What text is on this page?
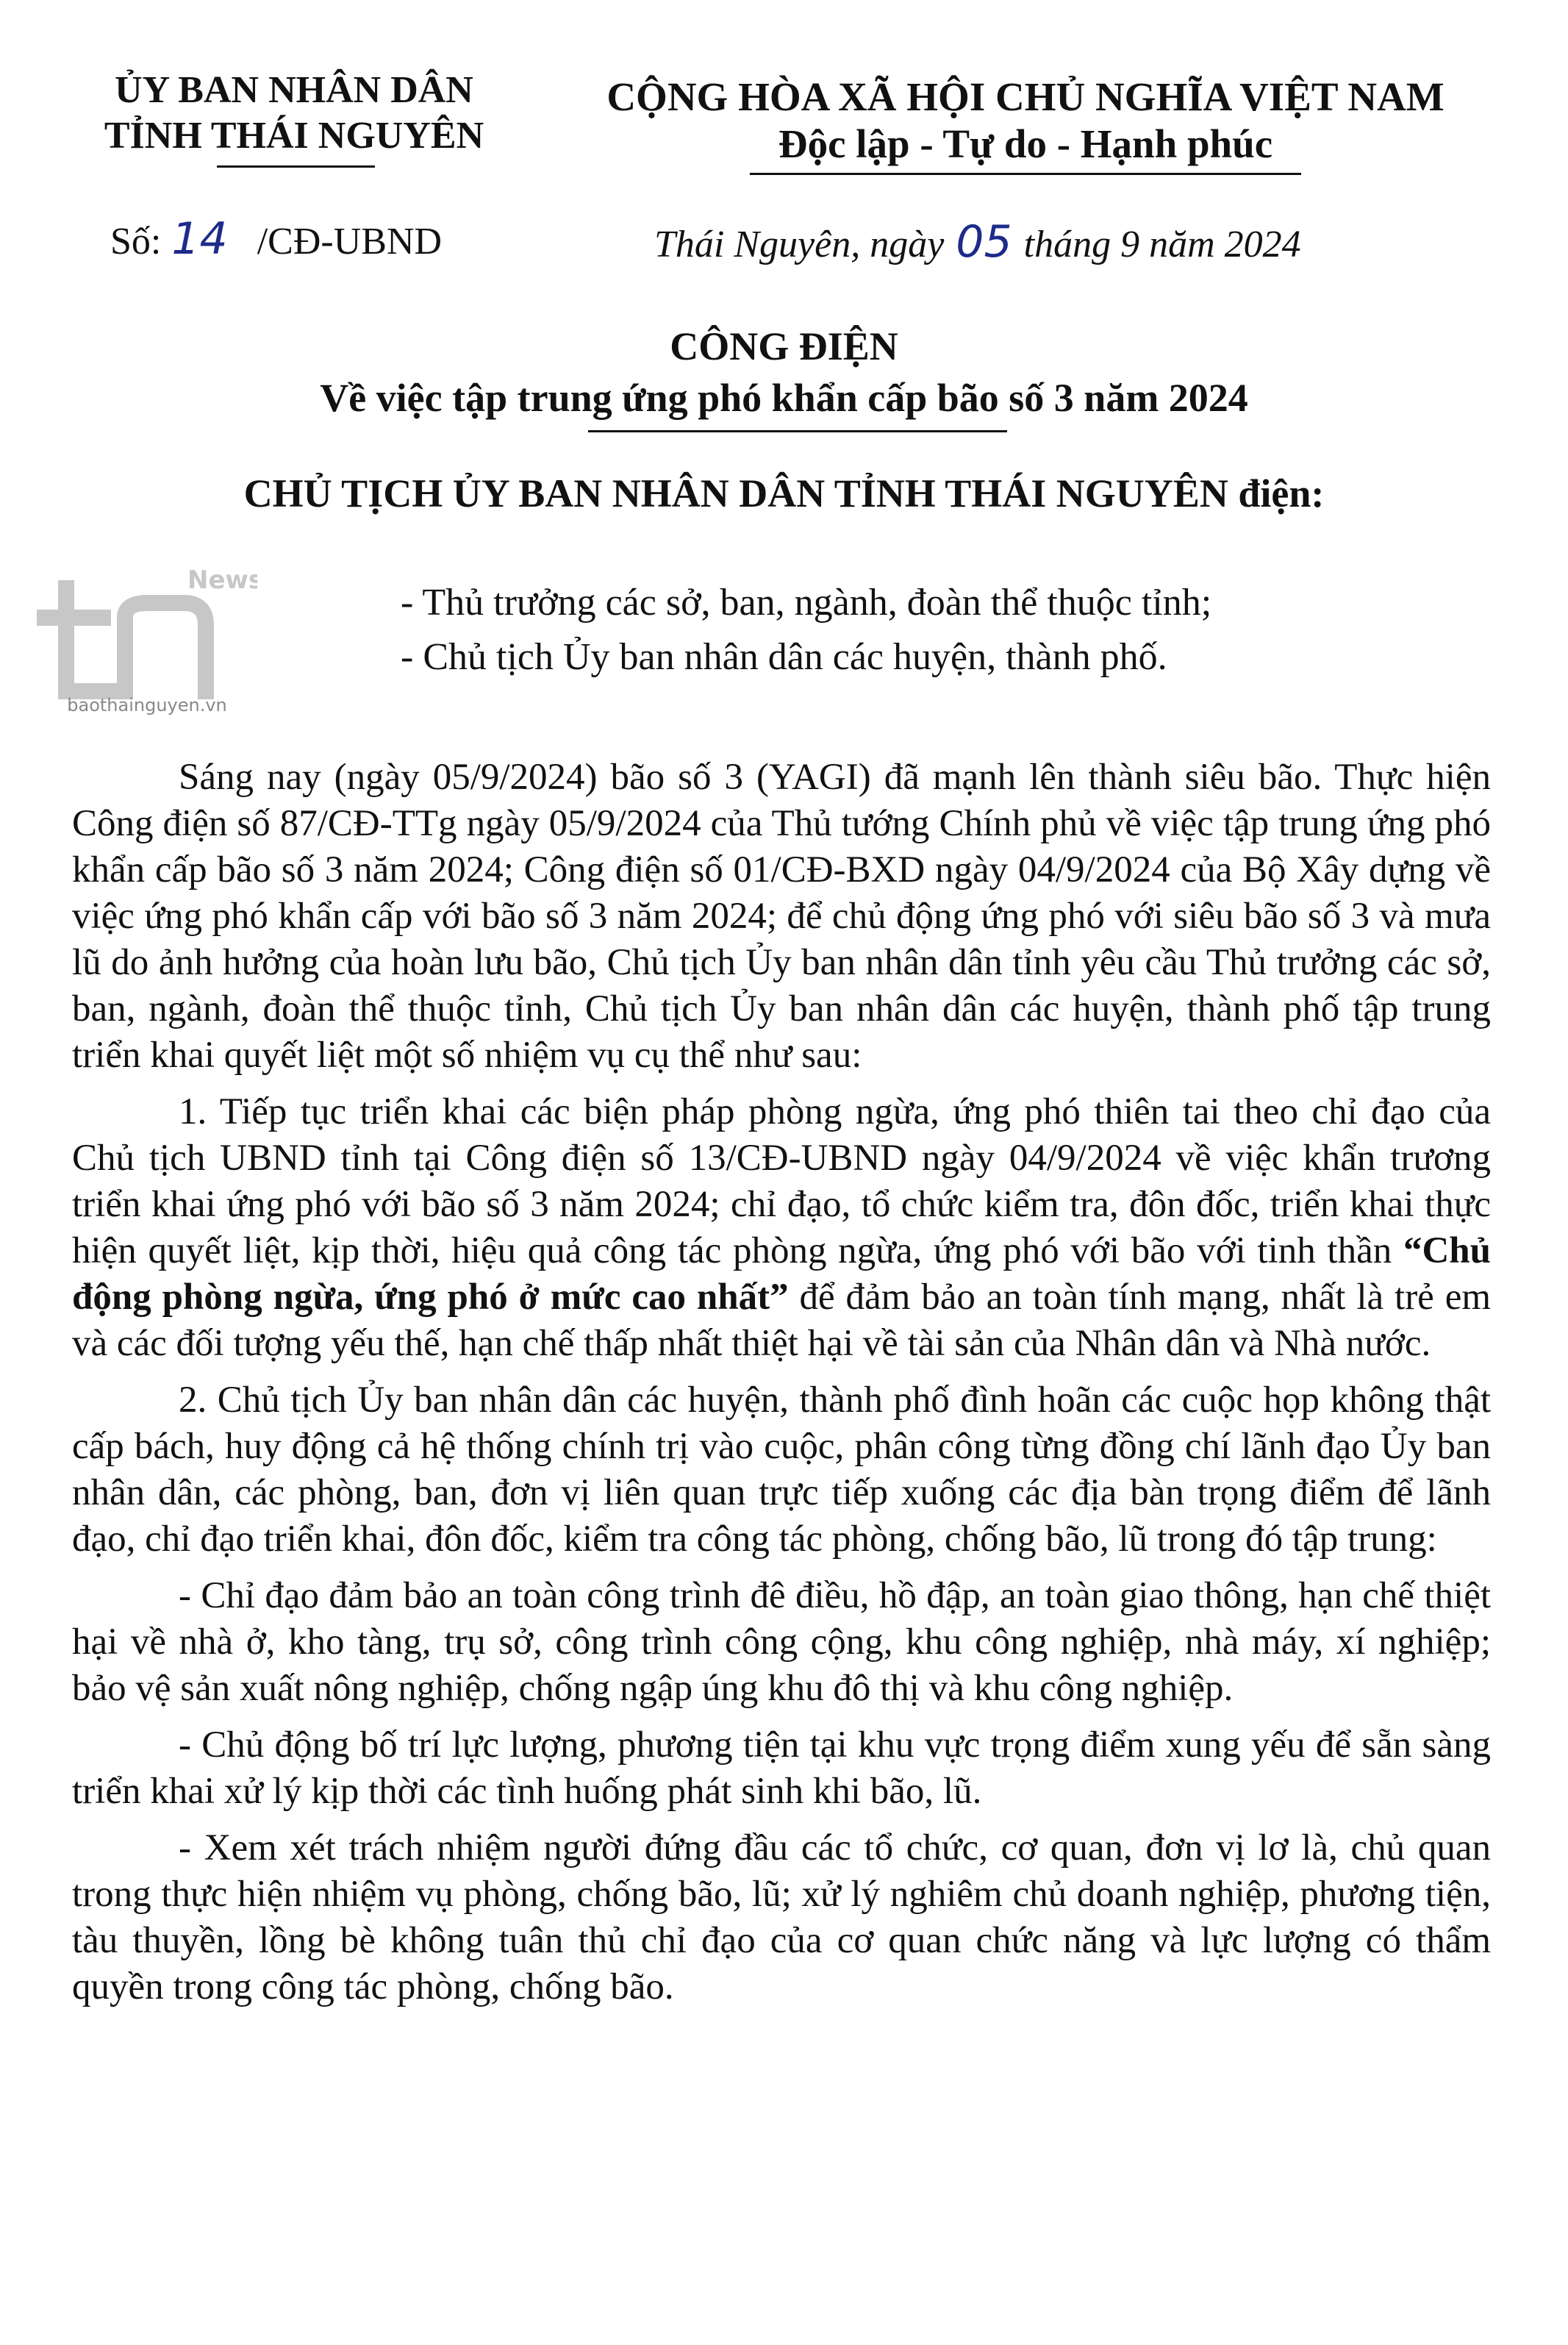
ỦY BAN NHÂN DÂN
TỈNH THÁI NGUYÊN
CỘNG HÒA XÃ HỘI CHỦ NGHĨA VIỆT NAM
Độc lập - Tự do - Hạnh phúc
Số: 14 /CĐ-UBND	Thái Nguyên, ngày 05 tháng 9 năm 2024
CÔNG ĐIỆN
Về việc tập trung ứng phó khẩn cấp bão số 3 năm 2024
CHỦ TỊCH ỦY BAN NHÂN DÂN TỈNH THÁI NGUYÊN điện:
News
baothainguyen.vn
- Thủ trưởng các sở, ban, ngành, đoàn thể thuộc tỉnh;
- Chủ tịch Ủy ban nhân dân các huyện, thành phố.

Sáng nay (ngày 05/9/2024) bão số 3 (YAGI) đã mạnh lên thành siêu bão. Thực hiện Công điện số 87/CĐ-TTg ngày 05/9/2024 của Thủ tướng Chính phủ về việc tập trung ứng phó khẩn cấp bão số 3 năm 2024; Công điện số 01/CĐ-BXD ngày 04/9/2024 của Bộ Xây dựng về việc ứng phó khẩn cấp với bão số 3 năm 2024; để chủ động ứng phó với siêu bão số 3 và mưa lũ do ảnh hưởng của hoàn lưu bão, Chủ tịch Ủy ban nhân dân tỉnh yêu cầu Thủ trưởng các sở, ban, ngành, đoàn thể thuộc tỉnh, Chủ tịch Ủy ban nhân dân các huyện, thành phố tập trung triển khai quyết liệt một số nhiệm vụ cụ thể như sau:

1. Tiếp tục triển khai các biện pháp phòng ngừa, ứng phó thiên tai theo chỉ đạo của Chủ tịch UBND tỉnh tại Công điện số 13/CĐ-UBND ngày 04/9/2024 về việc khẩn trương triển khai ứng phó với bão số 3 năm 2024; chỉ đạo, tổ chức kiểm tra, đôn đốc, triển khai thực hiện quyết liệt, kịp thời, hiệu quả công tác phòng ngừa, ứng phó với bão với tinh thần “Chủ động phòng ngừa, ứng phó ở mức cao nhất” để đảm bảo an toàn tính mạng, nhất là trẻ em và các đối tượng yếu thế, hạn chế thấp nhất thiệt hại về tài sản của Nhân dân và Nhà nước.

2. Chủ tịch Ủy ban nhân dân các huyện, thành phố đình hoãn các cuộc họp không thật cấp bách, huy động cả hệ thống chính trị vào cuộc, phân công từng đồng chí lãnh đạo Ủy ban nhân dân, các phòng, ban, đơn vị liên quan trực tiếp xuống các địa bàn trọng điểm để lãnh đạo, chỉ đạo triển khai, đôn đốc, kiểm tra công tác phòng, chống bão, lũ trong đó tập trung:

- Chỉ đạo đảm bảo an toàn công trình đê điều, hồ đập, an toàn giao thông, hạn chế thiệt hại về nhà ở, kho tàng, trụ sở, công trình công cộng, khu công nghiệp, nhà máy, xí nghiệp; bảo vệ sản xuất nông nghiệp, chống ngập úng khu đô thị và khu công nghiệp.

- Chủ động bố trí lực lượng, phương tiện tại khu vực trọng điểm xung yếu để sẵn sàng triển khai xử lý kịp thời các tình huống phát sinh khi bão, lũ.

- Xem xét trách nhiệm người đứng đầu các tổ chức, cơ quan, đơn vị lơ là, chủ quan trong thực hiện nhiệm vụ phòng, chống bão, lũ; xử lý nghiêm chủ doanh nghiệp, phương tiện, tàu thuyền, lồng bè không tuân thủ chỉ đạo của cơ quan chức năng và lực lượng có thẩm quyền trong công tác phòng, chống bão.
